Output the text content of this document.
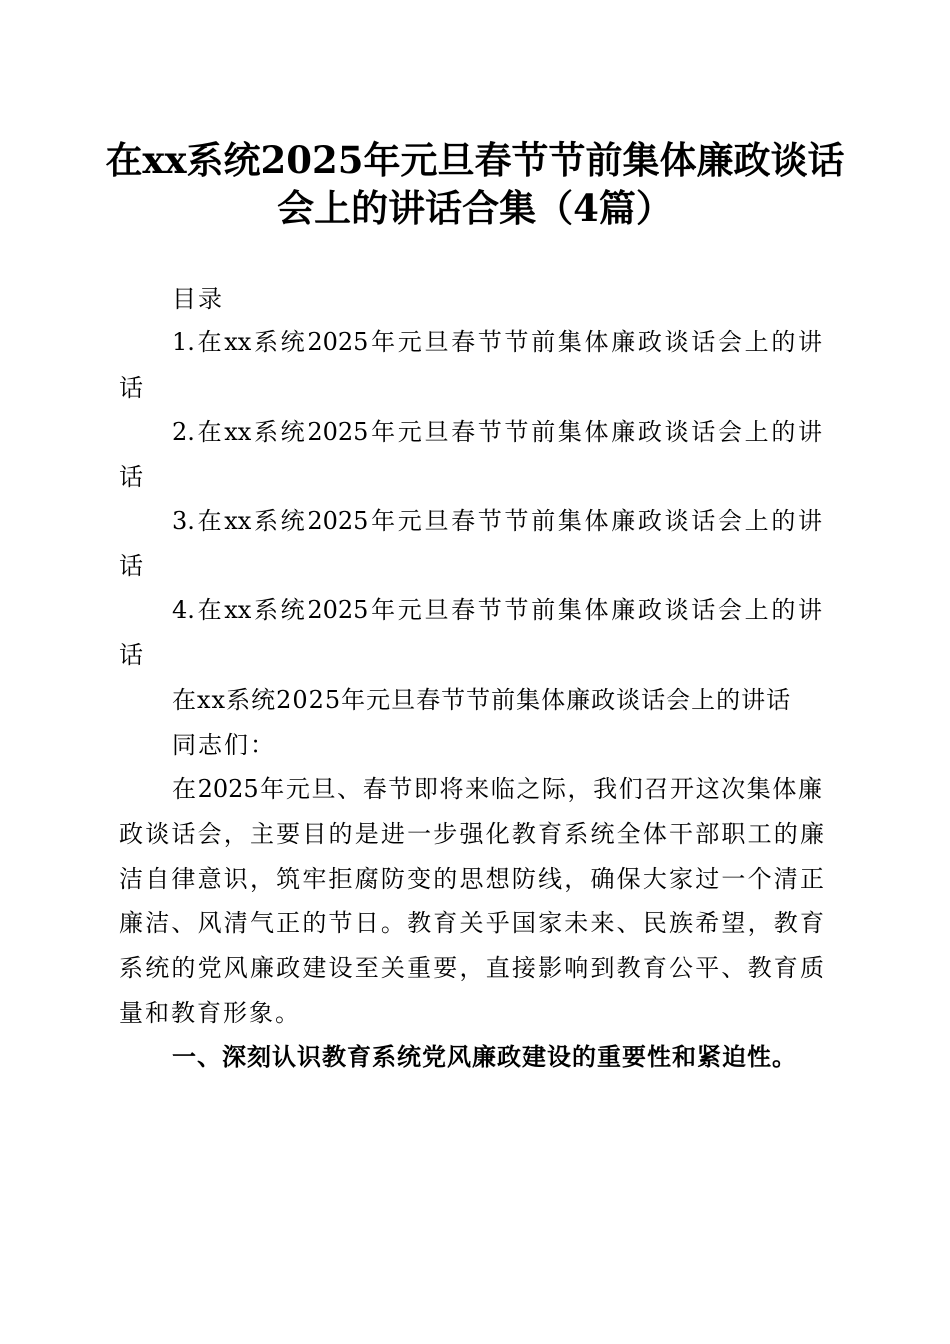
在xx系统2025年元旦春节节前集体廉政谈话
会上的讲话合集（4篇）
目录
1.在xx系统2025年元旦春节节前集体廉政谈话会上的讲
话
2.在xx系统2025年元旦春节节前集体廉政谈话会上的讲
话
3.在xx系统2025年元旦春节节前集体廉政谈话会上的讲
话
4.在xx系统2025年元旦春节节前集体廉政谈话会上的讲
话
在xx系统2025年元旦春节节前集体廉政谈话会上的讲话
同志们：
在2025年元旦、春节即将来临之际，我们召开这次集体廉
政谈话会，主要目的是进一步强化教育系统全体干部职工的廉
洁自律意识，筑牢拒腐防变的思想防线，确保大家过一个清正
廉洁、风清气正的节日。教育关乎国家未来、民族希望，教育
系统的党风廉政建设至关重要，直接影响到教育公平、教育质
量和教育形象。
一、深刻认识教育系统党风廉政建设的重要性和紧迫性。
